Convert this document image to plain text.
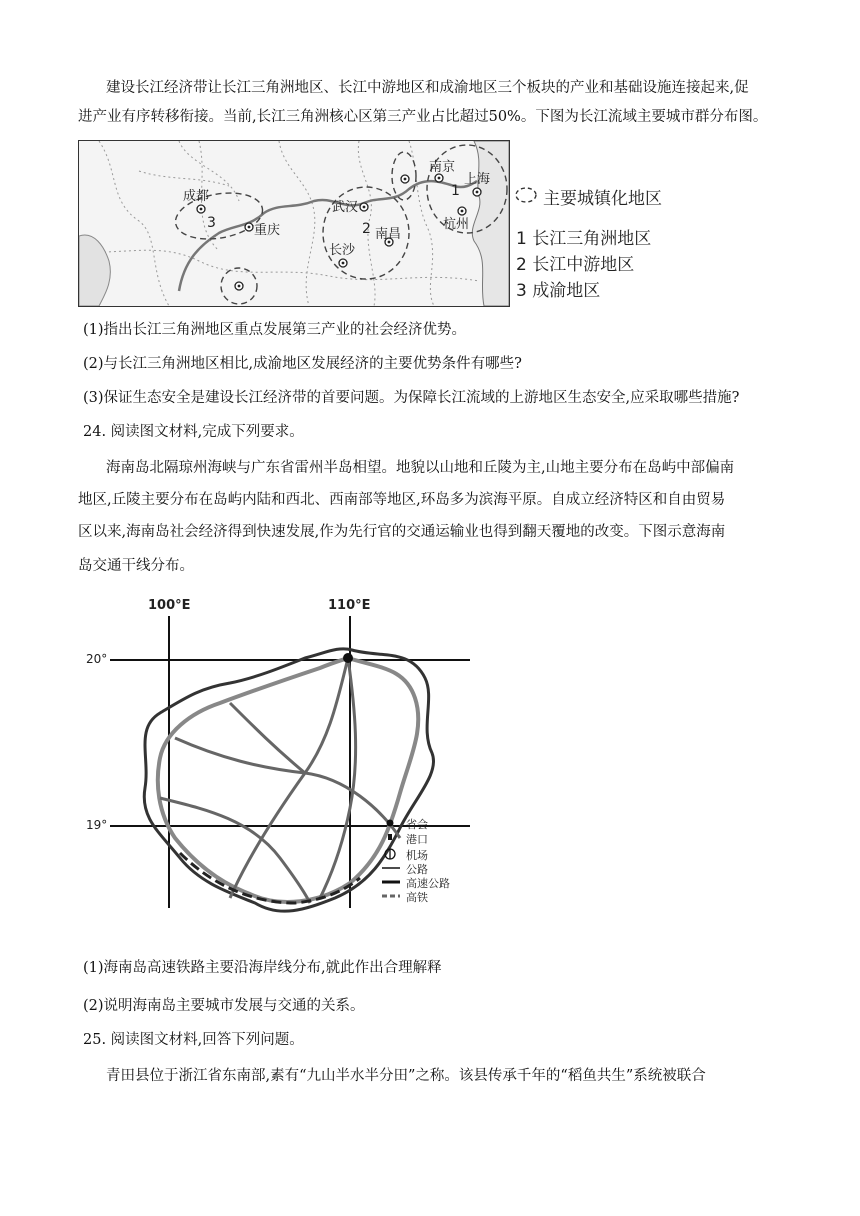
建设长江经济带让长江三角洲地区、长江中游地区和成渝地区三个板块的产业和基础设施连接起来,促
进产业有序转移衔接。当前,长江三角洲核心区第三产业占比超过50%。下图为长江流域主要城市群分布图。
成都
重庆
武汉
长沙
南昌
南京
上海
杭州
1
2
3
主要城镇化地区
1 长江三角洲地区
2 长江中游地区
3 成渝地区
(1)指出长江三角洲地区重点发展第三产业的社会经济优势。
(2)与长江三角洲地区相比,成渝地区发展经济的主要优势条件有哪些?
(3)保证生态安全是建设长江经济带的首要问题。为保障长江流域的上游地区生态安全,应采取哪些措施?
24. 阅读图文材料,完成下列要求。
海南岛北隔琼州海峡与广东省雷州半岛相望。地貌以山地和丘陵为主,山地主要分布在岛屿中部偏南
地区,丘陵主要分布在岛屿内陆和西北、西南部等地区,环岛多为滨海平原。自成立经济特区和自由贸易
区以来,海南岛社会经济得到快速发展,作为先行官的交通运输业也得到翻天覆地的改变。下图示意海南
岛交通干线分布。
100°E	110°E
20°
19°	省会
港口
机场
公路
高速公路
高铁
(1)海南岛高速铁路主要沿海岸线分布,就此作出合理解释
(2)说明海南岛主要城市发展与交通的关系。
25. 阅读图文材料,回答下列问题。
青田县位于浙江省东南部,素有“九山半水半分田”之称。该县传承千年的“稻鱼共生”系统被联合
